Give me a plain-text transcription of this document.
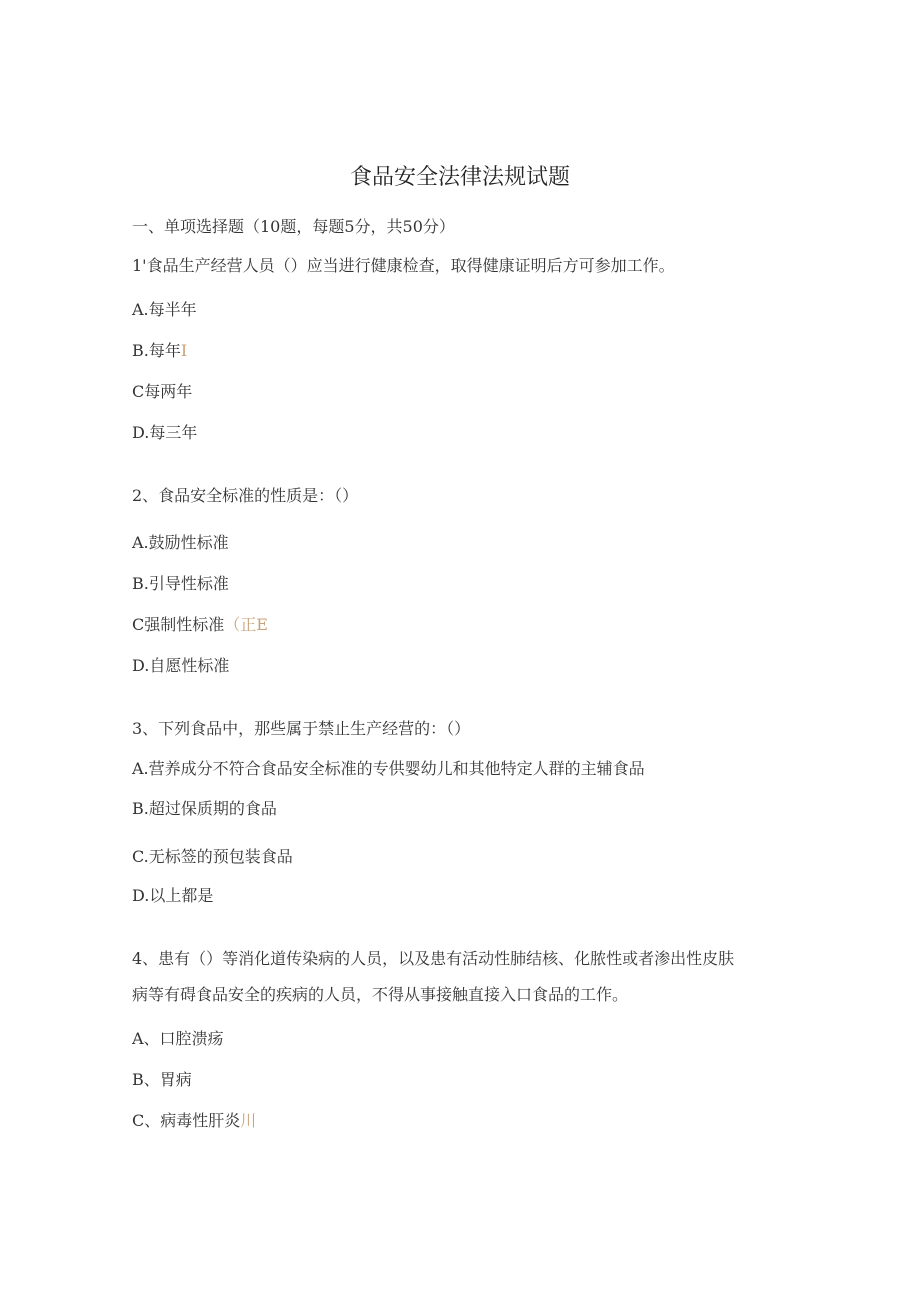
食品安全法律法规试题
一、单项选择题（10题，每题5分，共50分）
1'食品生产经营人员（）应当进行健康检查，取得健康证明后方可参加工作。
A.每半年
B.每年I
C每两年
D.每三年
2、食品安全标准的性质是：（）
A.鼓励性标准
B.引导性标准
C强制性标准（正E
D.自愿性标准
3、下列食品中，那些属于禁止生产经营的：（）
A.营养成分不符合食品安全标准的专供婴幼儿和其他特定人群的主辅食品
B.超过保质期的食品
C.无标签的预包装食品
D.以上都是
4、患有（）等消化道传染病的人员，以及患有活动性肺结核、化脓性或者渗出性皮肤
病等有碍食品安全的疾病的人员，不得从事接触直接入口食品的工作。
A、口腔溃疡
B、胃病
C、病毒性肝炎川
